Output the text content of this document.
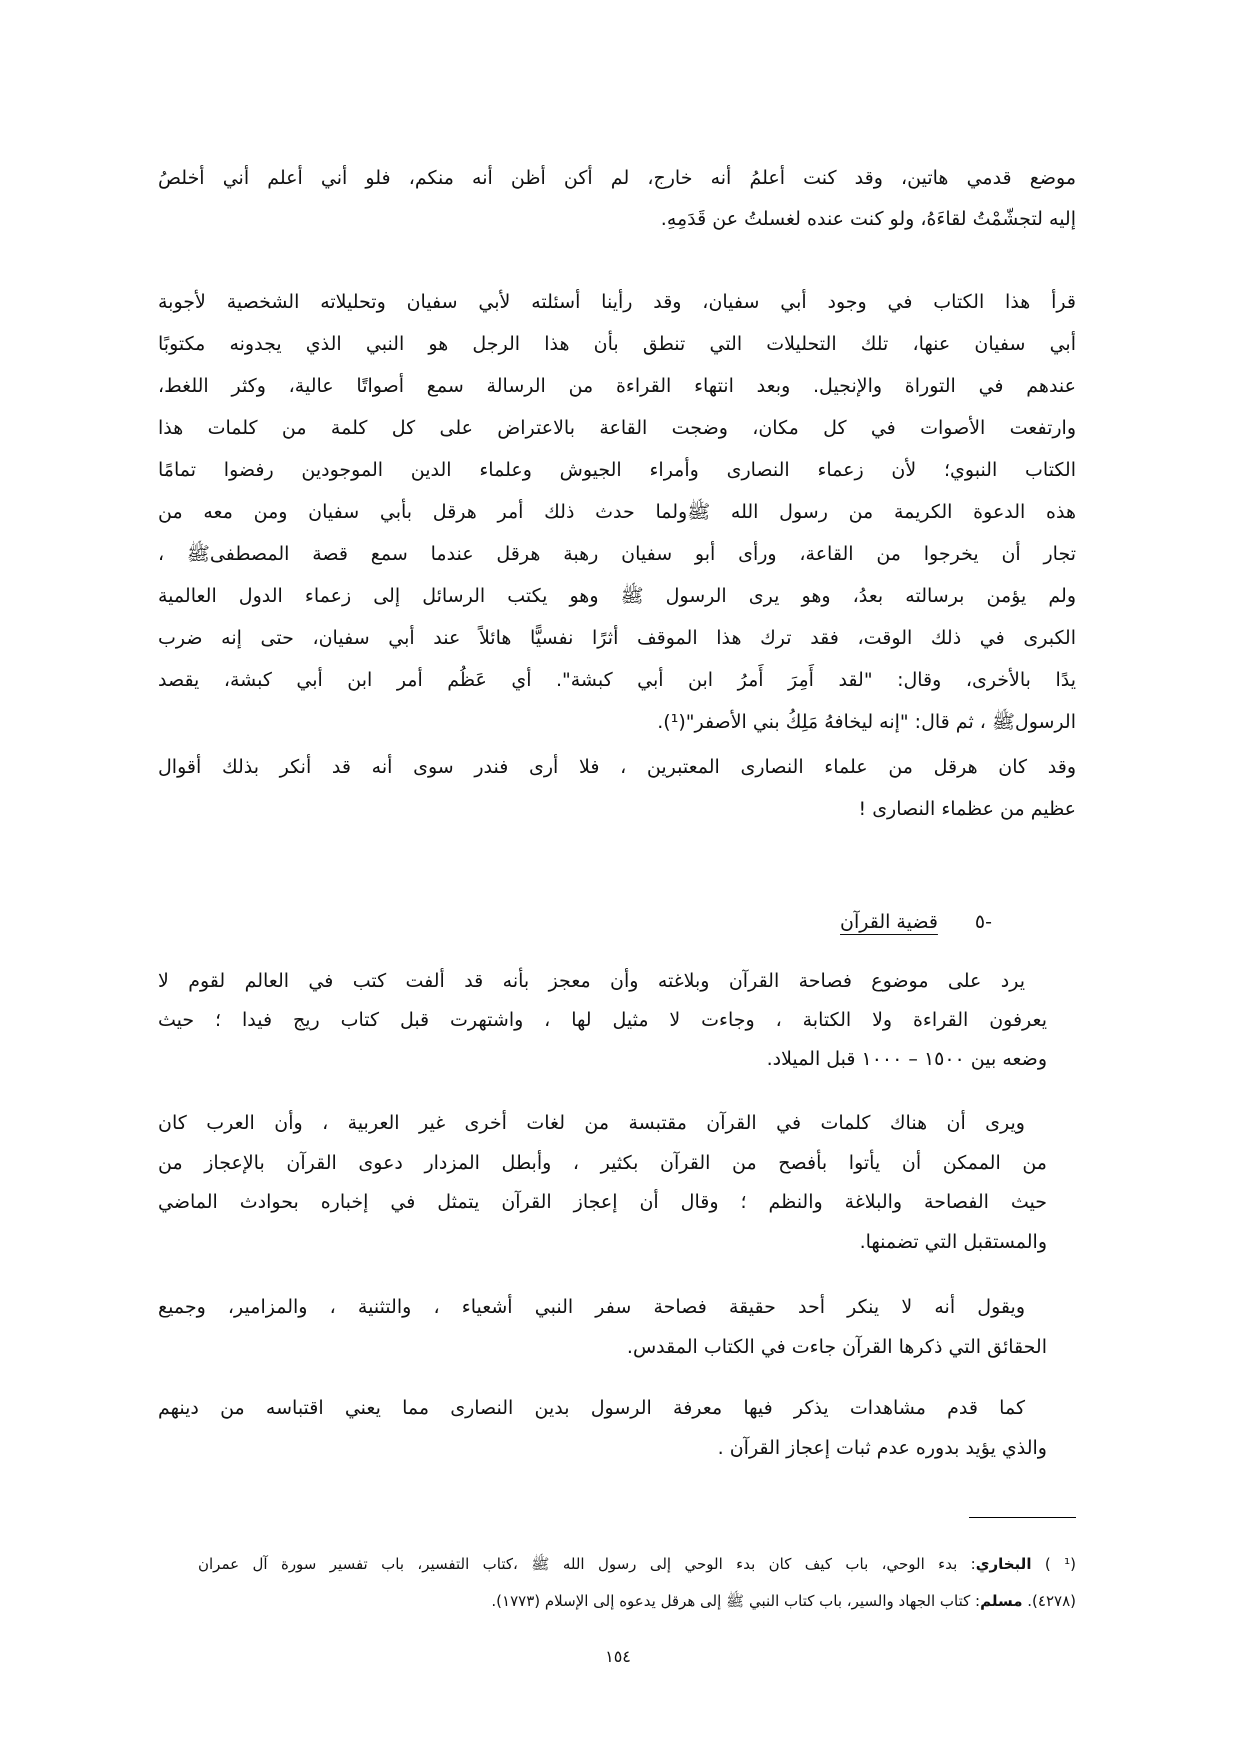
موضع قدمي هاتين، وقد كنت أعلمُ أنه خارج، لم أكن أظن أنه منكم، فلو أني أعلم أني أخلصُ
إليه لتجشّمْتُ لقاءَهُ، ولو كنت عنده لغسلتُ عن قَدَمِهِ.
قرأ هذا الكتاب في وجود أبي سفيان، وقد رأينا أسئلته لأبي سفيان وتحليلاته الشخصية لأجوبة
أبي سفيان عنها، تلك التحليلات التي تنطق بأن هذا الرجل هو النبي الذي يجدونه مكتوبًا
عندهم في التوراة والإنجيل. وبعد انتهاء القراءة من الرسالة سمع أصواتًا عالية، وكثر اللغط،
وارتفعت الأصوات في كل مكان، وضجت القاعة بالاعتراض على كل كلمة من كلمات هذا
الكتاب النبوي؛ لأن زعماء النصارى وأمراء الجيوش وعلماء الدين الموجودين رفضوا تمامًا
هذه الدعوة الكريمة من رسول الله ﷺولما حدث ذلك أمر هرقل بأبي سفيان ومن معه من
تجار أن يخرجوا من القاعة، ورأى أبو سفيان رهبة هرقل عندما سمع قصة المصطفىﷺ ،
ولم يؤمن برسالته بعدُ، وهو يرى الرسول ﷺ وهو يكتب الرسائل إلى زعماء الدول العالمية
الكبرى في ذلك الوقت، فقد ترك هذا الموقف أثرًا نفسيًّا هائلاً عند أبي سفيان، حتى إنه ضرب
يدًا بالأخرى، وقال: "لقد أَمِرَ أَمرُ ابن أبي كبشة". أي عَظُم أمر ابن أبي كبشة، يقصد
الرسولﷺ ، ثم قال: "إنه ليخافهُ مَلِكُ بني الأصفر"(¹).
وقد كان هرقل من علماء النصارى المعتبرين ، فلا أرى فندر سوى أنه قد أنكر بذلك أقوال
عظيم من عظماء النصارى !
٥-قضية القرآن
يرد على موضوع فصاحة القرآن وبلاغته وأن معجز بأنه قد ألفت كتب في العالم لقوم لا
يعرفون القراءة ولا الكتابة ، وجاءت لا مثيل لها ، واشتهرت قبل كتاب ريج فيدا ؛ حيث
وضعه بين ١٥٠٠ – ١٠٠٠ قبل الميلاد.
ويرى أن هناك كلمات في القرآن مقتبسة من لغات أخرى غير العربية ، وأن العرب كان
من الممكن أن يأتوا بأفصح من القرآن بكثير ، وأبطل المزدار دعوى القرآن بالإعجاز من
حيث الفصاحة والبلاغة والنظم ؛ وقال أن إعجاز القرآن يتمثل في إخباره بحوادث الماضي
والمستقبل التي تضمنها.
ويقول أنه لا ينكر أحد حقيقة فصاحة سفر النبي أشعياء ، والتثنية ، والمزامير، وجميع
الحقائق التي ذكرها القرآن جاءت في الكتاب المقدس.
كما قدم مشاهدات يذكر فيها معرفة الرسول بدين النصارى مما يعني اقتباسه من دينهم
والذي يؤيد بدوره عدم ثبات إعجاز القرآن .
(¹ ) البخاري: بدء الوحي، باب كيف كان بدء الوحي إلى رسول الله ﷺ ،كتاب التفسير، باب تفسير سورة آل عمران
(٤٢٧٨). مسلم: كتاب الجهاد والسير، باب كتاب النبي ﷺ إلى هرقل يدعوه إلى الإسلام (١٧٧٣).
١٥٤
